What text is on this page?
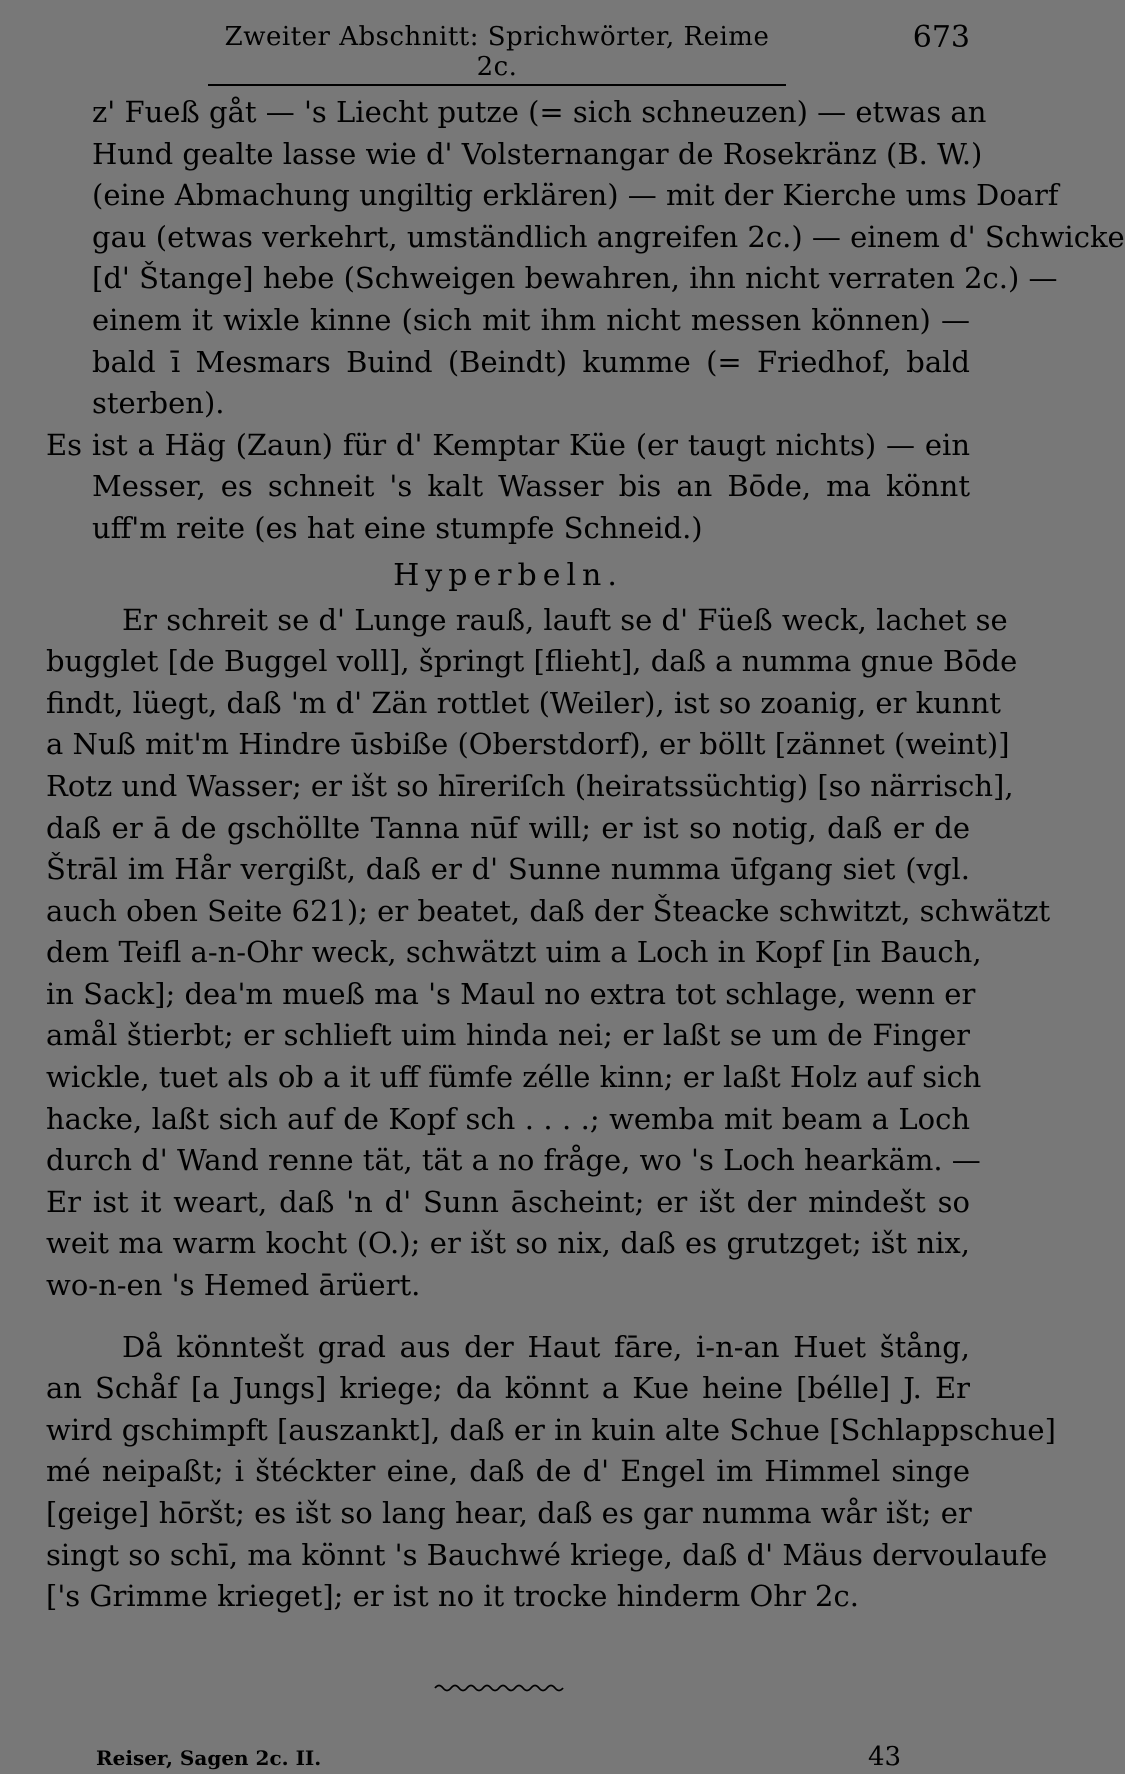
Zweiter Abschnitt: Sprichwörter, Reime 2c.
673
z' Fueß gåt — 's Liecht putze (= sich schneuzen) — etwas an
Hund gealte lasse wie d' Volsternangar de Rosekränz (B. W.)
(eine Abmachung ungiltig erklären) — mit der Kierche ums Doarf
gau (etwas verkehrt, umständlich angreifen 2c.) — einem d' Schwicke
[d' Štange] hebe (Schweigen bewahren, ihn nicht verraten 2c.) —
einem it wixle kinne (sich mit ihm nicht messen können) —
bald ī Mesmars Buind (Beindt) kumme (= Friedhof, bald
sterben).
Es ist a Häg (Zaun) für d' Kemptar Küe (er taugt nichts) — ein
Messer, es schneit 's kalt Wasser bis an Bōde, ma könnt
uff'm reite (es hat eine stumpfe Schneid.)
Hyperbeln.
Er schreit se d' Lunge rauß, lauft se d' Füeß weck, lachet se
bugglet [de Buggel voll], špringt [flieht], daß a numma gnue Bōde
findt, lüegt, daß 'm d' Zän rottlet (Weiler), ist so zoanig, er kunnt
a Nuß mit'm Hindre ūsbiße (Oberstdorf), er böllt [zännet (weint)]
Rotz und Wasser; er išt so hīreriſch (heiratssüchtig) [so närrisch],
daß er ā de gschöllte Tanna nūf will; er ist so notig, daß er de
Štrāl im Hår vergißt, daß er d' Sunne numma ūfgang siet (vgl.
auch oben Seite 621); er beatet, daß der Šteacke schwitzt, schwätzt
dem Teifl a-n-Ohr weck, schwätzt uim a Loch in Kopf [in Bauch,
in Sack]; dea'm mueß ma 's Maul no extra tot schlage, wenn er
amål štierbt; er schlieft uim hinda nei; er laßt se um de Finger
wickle, tuet als ob a it uff fümfe zélle kinn; er laßt Holz auf sich
hacke, laßt sich auf de Kopf sch . . . .; wemba mit beam a Loch
durch d' Wand renne tät, tät a no fråge, wo 's Loch hearkäm. —
Er ist it weart, daß 'n d' Sunn āscheint; er išt der mindešt so
weit ma warm kocht (O.); er išt so nix, daß es grutzget; išt nix,
wo-n-en 's Hemed ārüert.
Då könntešt grad aus der Haut fāre, i-n-an Huet štång,
an Schåf [a Jungs] kriege; da könnt a Kue heine [bélle] J. Er
wird gschimpft [auszankt], daß er in kuin alte Schue [Schlappschue]
mé neipaßt; i štéckter eine, daß de d' Engel im Himmel singe
[geige] hōršt; es išt so lang hear, daß es gar numma wår išt; er
singt so schī, ma könnt 's Bauchwé kriege, daß d' Mäus dervoulaufe
['s Grimme krieget]; er ist no it trocke hinderm Ohr 2c.
Reiser, Sagen 2c. II.	43
